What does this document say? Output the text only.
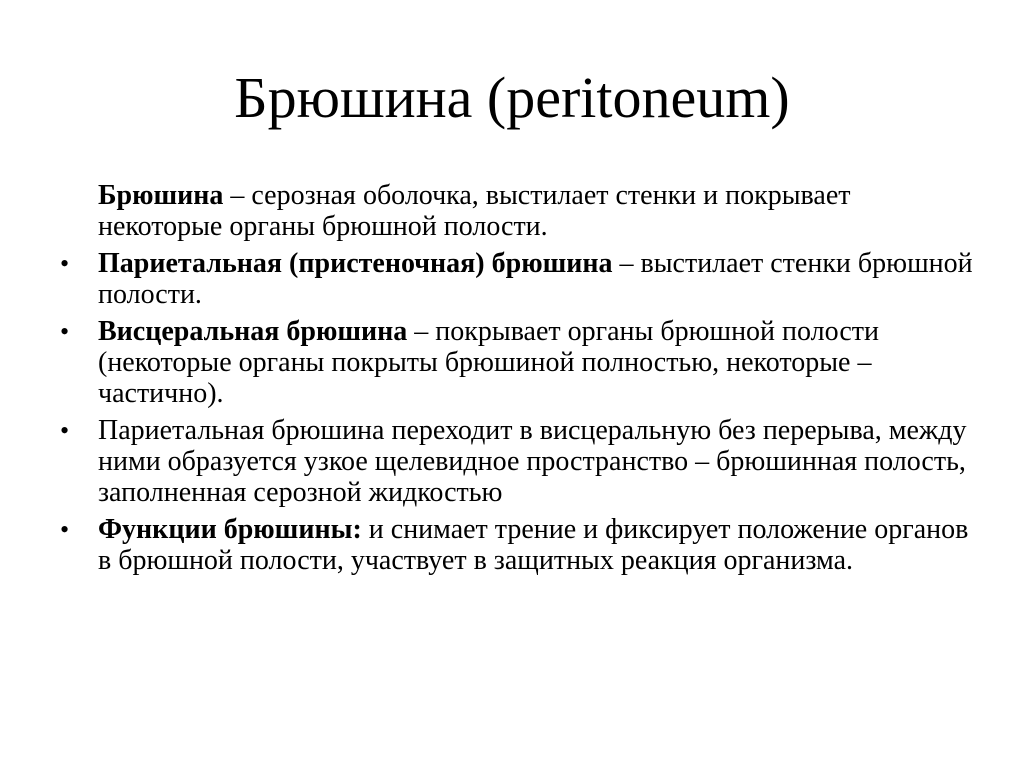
Брюшина (peritoneum)
Брюшина – серозная оболочка, выстилает стенки и покрывает некоторые органы брюшной полости.
•	Париетальная (пристеночная) брюшина – выстилает стенки брюшной полости.
•	Висцеральная брюшина – покрывает органы брюшной полости (некоторые органы покрыты брюшиной полностью, некоторые – частично).
•	Париетальная брюшина переходит в висцеральную без перерыва, между ними образуется узкое щелевидное пространство – брюшинная полость, заполненная серозной жидкостью
•	Функции брюшины: и снимает трение и фиксирует положение органов в брюшной полости, участвует в защитных реакция организма.
